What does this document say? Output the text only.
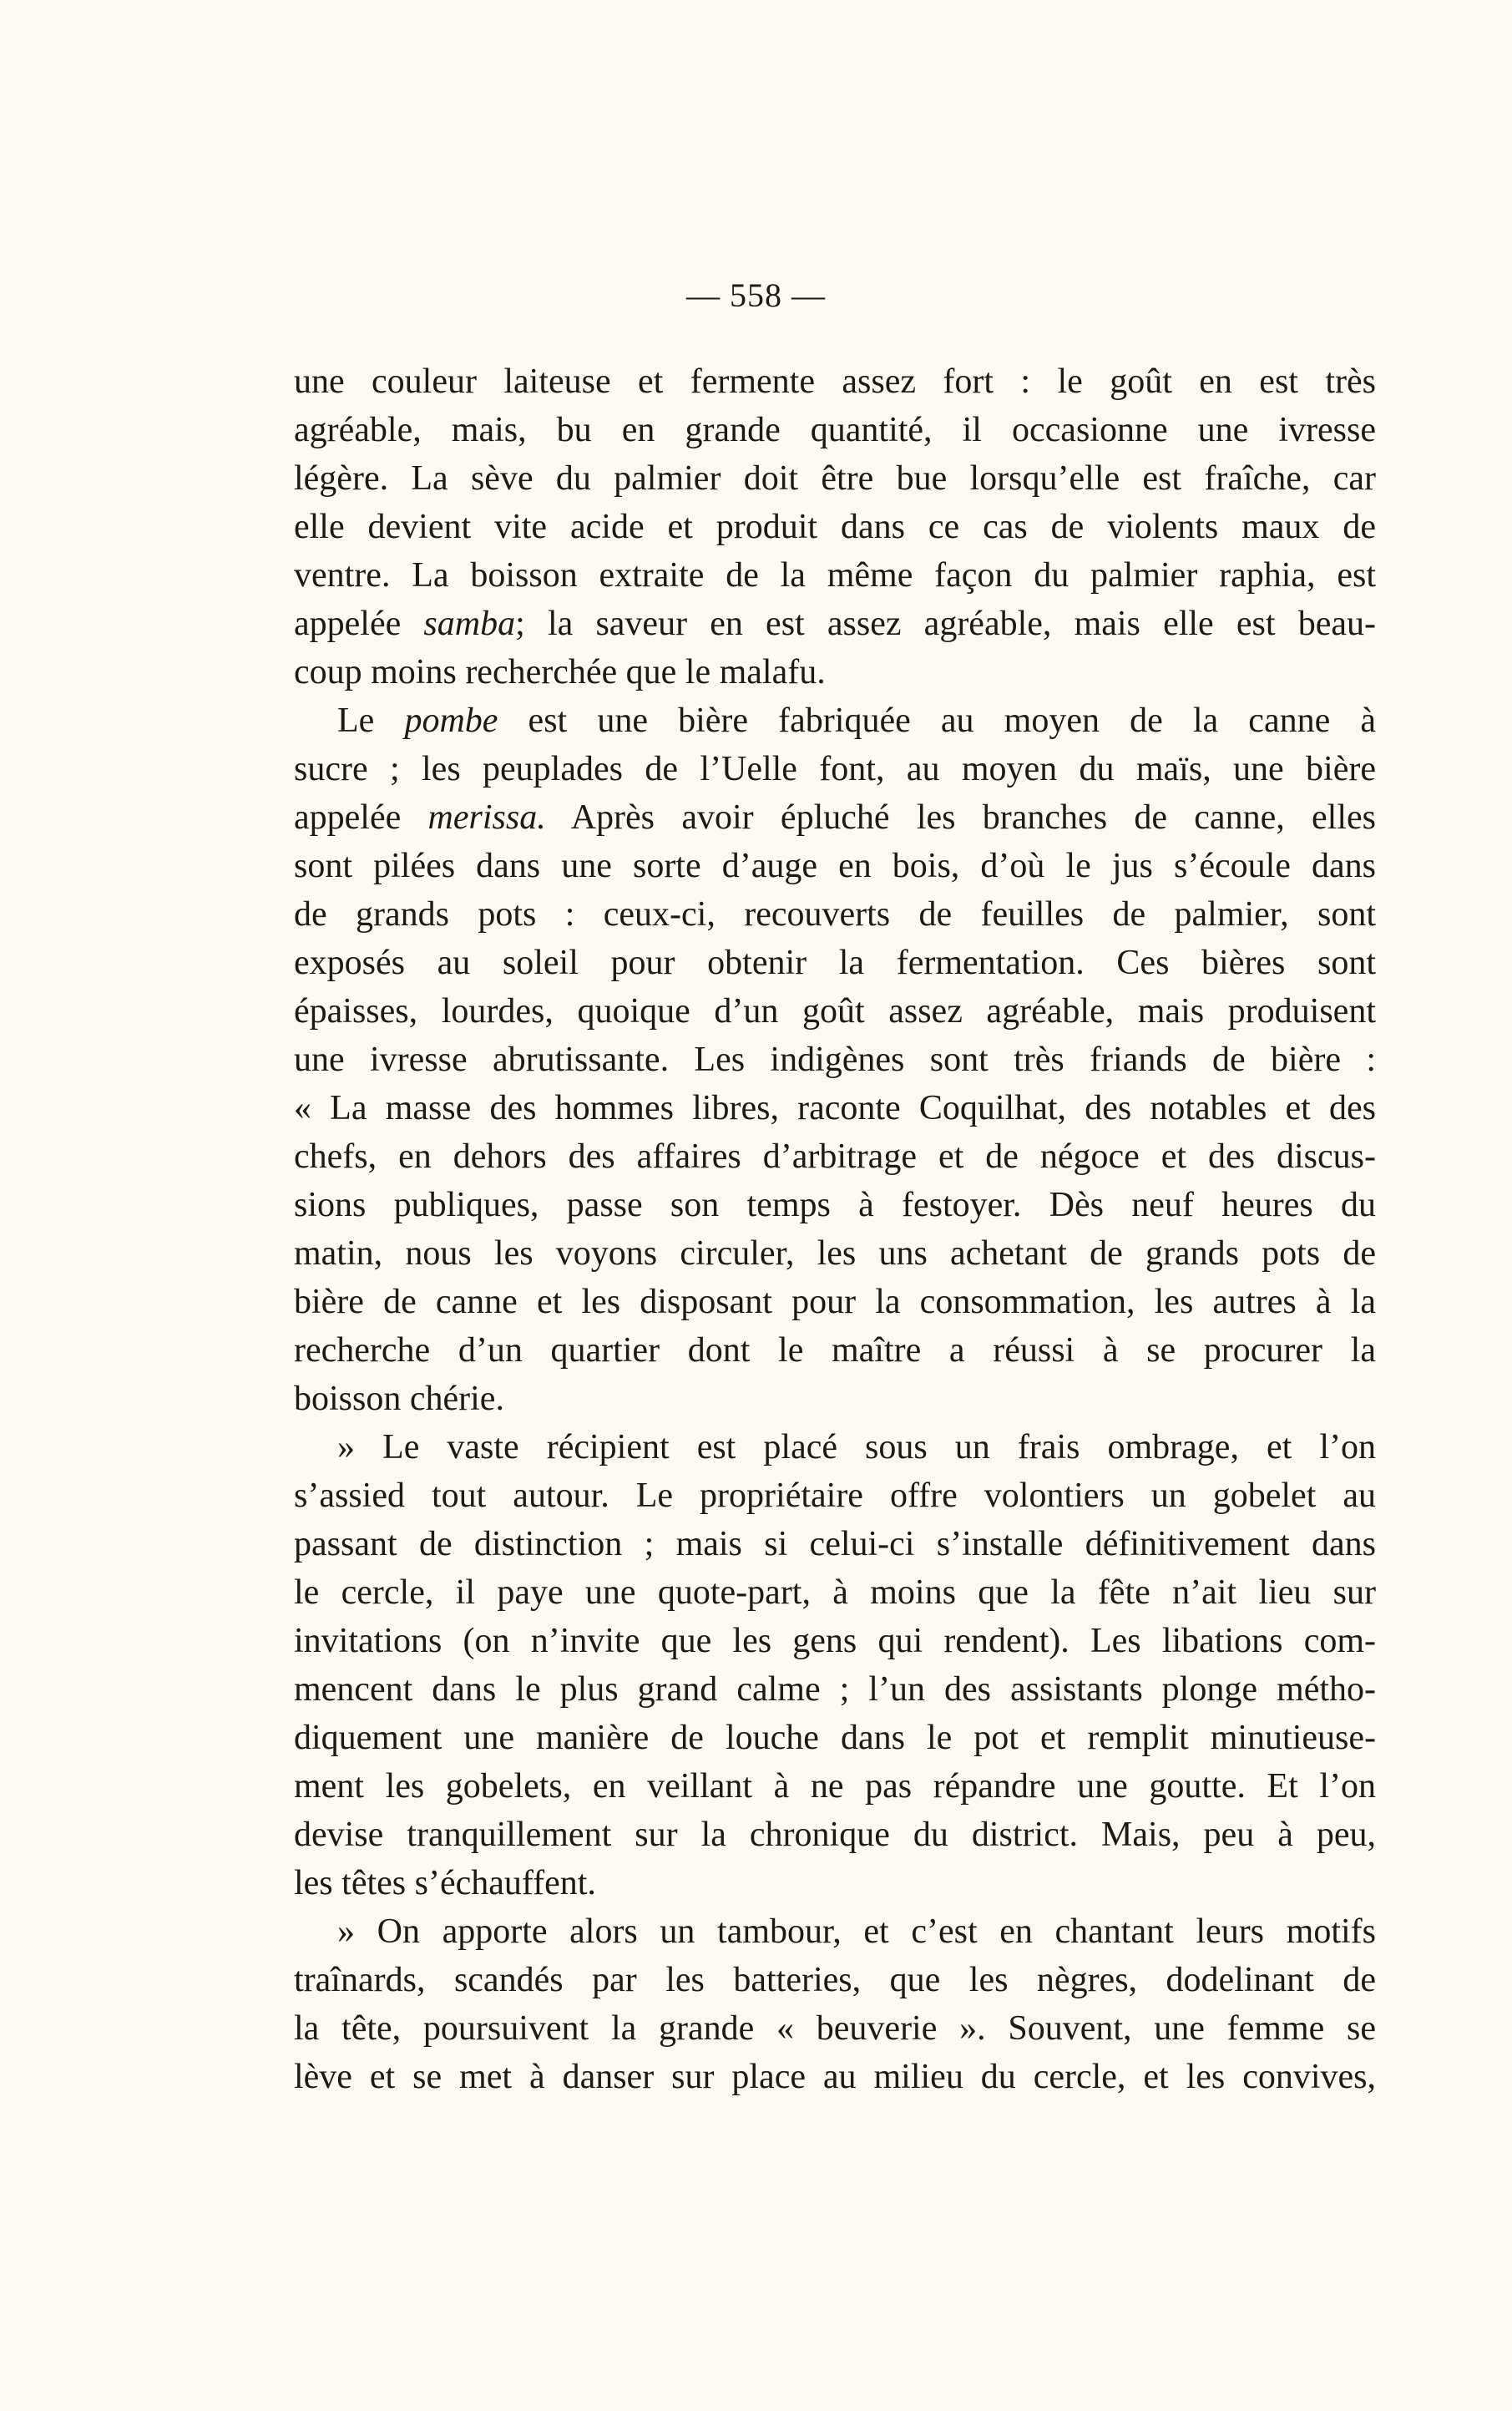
— 558 —
une couleur laiteuse et fermente assez fort : le goût en est très
agréable, mais, bu en grande quantité, il occasionne une ivresse
légère. La sève du palmier doit être bue lorsqu’elle est fraîche, car
elle devient vite acide et produit dans ce cas de violents maux de
ventre. La boisson extraite de la même façon du palmier raphia, est
appelée samba; la saveur en est assez agréable, mais elle est beau-
coup moins recherchée que le malafu.
Le pombe est une bière fabriquée au moyen de la canne à
sucre ; les peuplades de l’Uelle font, au moyen du maïs, une bière
appelée merissa. Après avoir épluché les branches de canne, elles
sont pilées dans une sorte d’auge en bois, d’où le jus s’écoule dans
de grands pots : ceux-ci, recouverts de feuilles de palmier, sont
exposés au soleil pour obtenir la fermentation. Ces bières sont
épaisses, lourdes, quoique d’un goût assez agréable, mais produisent
une ivresse abrutissante. Les indigènes sont très friands de bière :
« La masse des hommes libres, raconte Coquilhat, des notables et des
chefs, en dehors des affaires d’arbitrage et de négoce et des discus-
sions publiques, passe son temps à festoyer. Dès neuf heures du
matin, nous les voyons circuler, les uns achetant de grands pots de
bière de canne et les disposant pour la consommation, les autres à la
recherche d’un quartier dont le maître a réussi à se procurer la
boisson chérie.
» Le vaste récipient est placé sous un frais ombrage, et l’on
s’assied tout autour. Le propriétaire offre volontiers un gobelet au
passant de distinction ; mais si celui-ci s’installe définitivement dans
le cercle, il paye une quote-part, à moins que la fête n’ait lieu sur
invitations (on n’invite que les gens qui rendent). Les libations com-
mencent dans le plus grand calme ; l’un des assistants plonge métho-
diquement une manière de louche dans le pot et remplit minutieuse-
ment les gobelets, en veillant à ne pas répandre une goutte. Et l’on
devise tranquillement sur la chronique du district. Mais, peu à peu,
les têtes s’échauffent.
» On apporte alors un tambour, et c’est en chantant leurs motifs
traînards, scandés par les batteries, que les nègres, dodelinant de
la tête, poursuivent la grande « beuverie ». Souvent, une femme se
lève et se met à danser sur place au milieu du cercle, et les convives,
